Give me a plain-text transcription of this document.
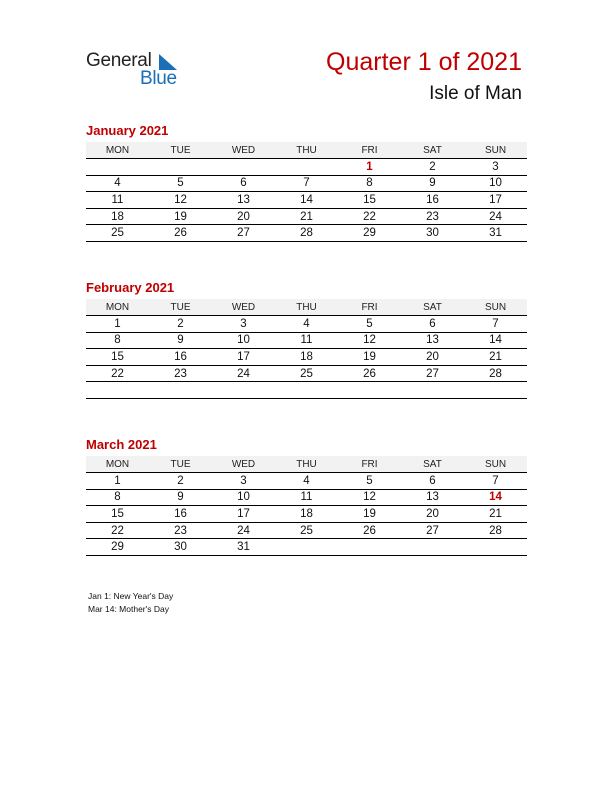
General
Blue
Quarter 1 of 2021
Isle of Man
January 2021
MON	TUE	WED	THU	FRI	SAT	SUN
				1	2	3
4	5	6	7	8	9	10
11	12	13	14	15	16	17
18	19	20	21	22	23	24
25	26	27	28	29	30	31
February 2021
MON	TUE	WED	THU	FRI	SAT	SUN
1	2	3	4	5	6	7
8	9	10	11	12	13	14
15	16	17	18	19	20	21
22	23	24	25	26	27	28

March 2021
MON	TUE	WED	THU	FRI	SAT	SUN
1	2	3	4	5	6	7
8	9	10	11	12	13	14
15	16	17	18	19	20	21
22	23	24	25	26	27	28
29	30	31				
Jan 1: New Year's Day
Mar 14: Mother's Day
